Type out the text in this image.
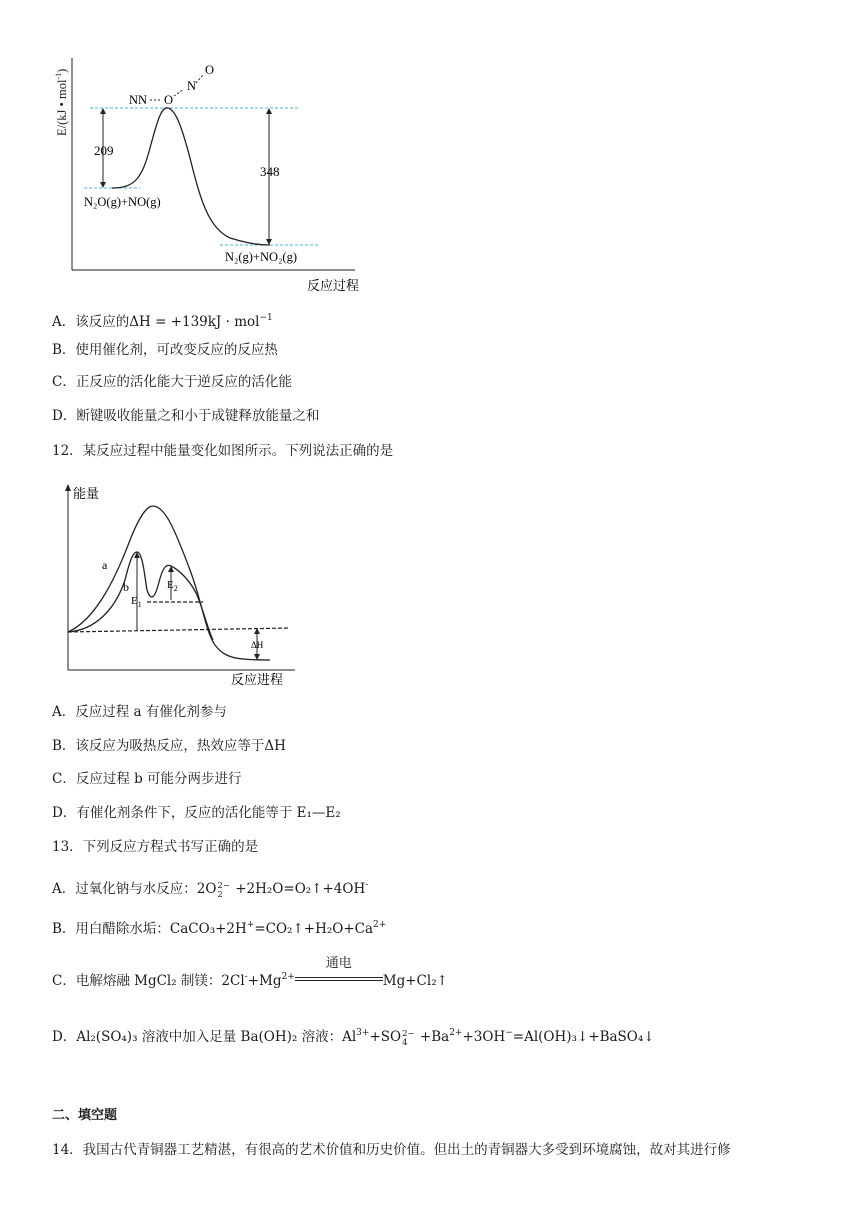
E/(kJ • mol$^{-1}$)
209
348
NN O
N
O
N₂O(g)+NO(g)
N₂(g)+NO₂(g)
反应过程
A．该反应的ΔH = +139kJ · mol$^{-1}$
B．使用催化剂，可改变反应的反应热
C．正反应的活化能大于逆反应的活化能
D．断键吸收能量之和小于成键释放能量之和
12．某反应过程中能量变化如图所示。下列说法正确的是
能量
反应进程
a
b
$E_1$
$E_2$
ΔH
A．反应过程 a 有催化剂参与
B．该反应为吸热反应，热效应等于ΔH
C．反应过程 b 可能分两步进行
D．有催化剂条件下，反应的活化能等于 E₁—E₂
13．下列反应方程式书写正确的是
A．过氧化钠与水反应：2O 2−
2 +2H₂O=O₂↑+4OH-
B．用白醋除水垢：$CaCO_3+2H^+=CO_2↑+H_2O+Ca^{2+}$
C．电解熔融 MgCl₂ 制镁：$2Cl^-+Mg^{2+}$
通电
Mg+Cl₂↑
D．Al₂(SO₄)₃ 溶液中加入足量 Ba(OH)₂ 溶液：$Al^{3+}+SO$ 2−
$4 +Ba^{2+}+3OH^-=Al(OH)_3↓+BaSO_4↓$
二、填空题
14．我国古代青铜器工艺精湛，有很高的艺术价值和历史价值。但出土的青铜器大多受到环境腐蚀，故对其进行修
